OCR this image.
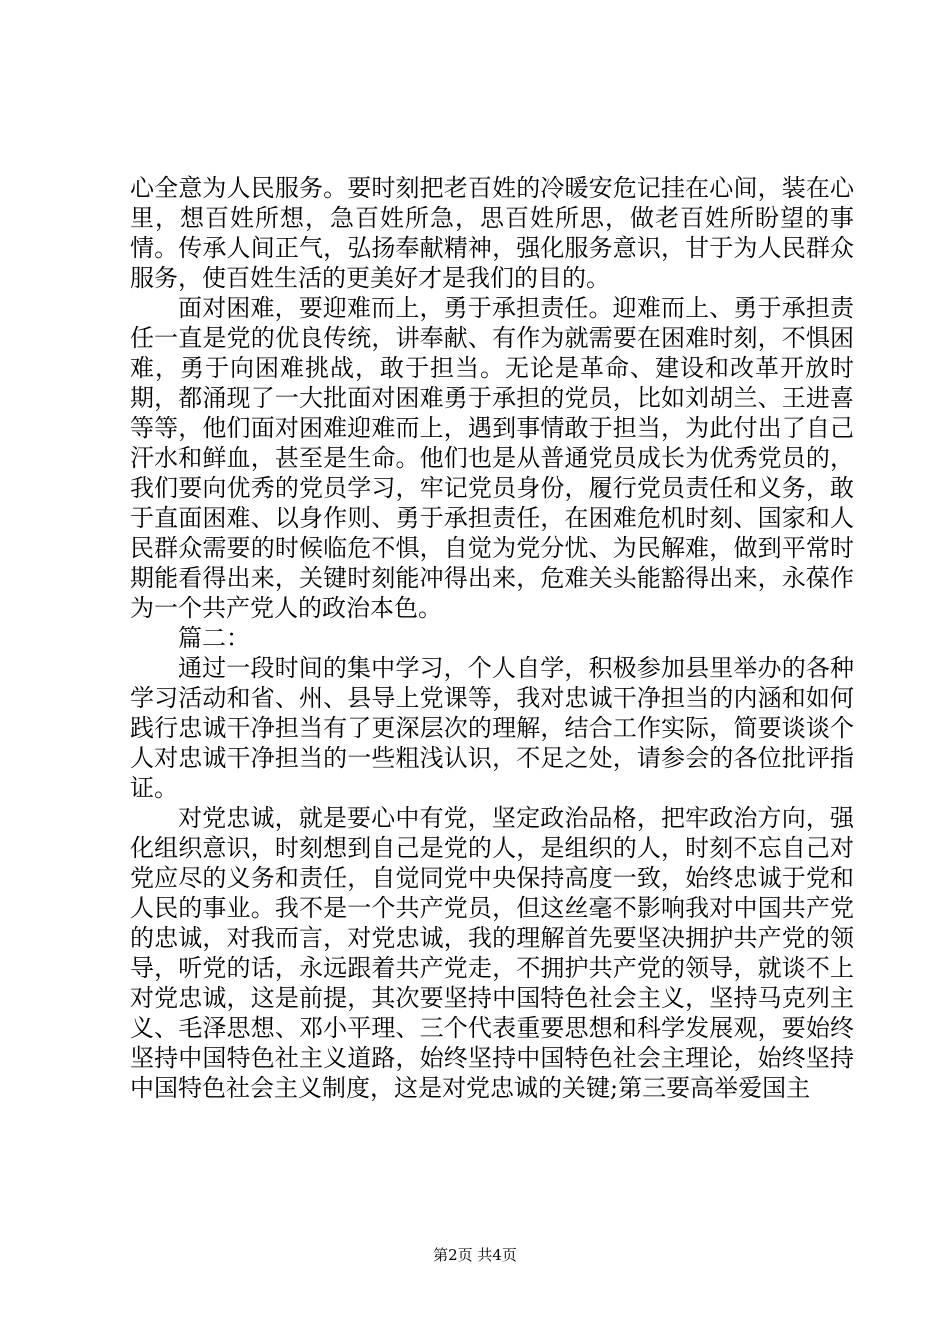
心全意为人民服务。要时刻把老百姓的冷暖安危记挂在心间，装在心里，想百姓所想，急百姓所急，思百姓所思，做老百姓所盼望的事情。传承人间正气，弘扬奉献精神，强化服务意识，甘于为人民群众服务，使百姓生活的更美好才是我们的目的。

面对困难，要迎难而上，勇于承担责任。迎难而上、勇于承担责任一直是党的优良传统，讲奉献、有作为就需要在困难时刻，不惧困难，勇于向困难挑战，敢于担当。无论是革命、建设和改革开放时期，都涌现了一大批面对困难勇于承担的党员，比如刘胡兰、王进喜等等，他们面对困难迎难而上，遇到事情敢于担当，为此付出了自己汗水和鲜血，甚至是生命。他们也是从普通党员成长为优秀党员的，我们要向优秀的党员学习，牢记党员身份，履行党员责任和义务，敢于直面困难、以身作则、勇于承担责任，在困难危机时刻、国家和人民群众需要的时候临危不惧，自觉为党分忧、为民解难，做到平常时期能看得出来，关键时刻能冲得出来，危难关头能豁得出来，永葆作为一个共产党人的政治本色。

篇二：

通过一段时间的集中学习，个人自学，积极参加县里举办的各种学习活动和省、州、县导上党课等，我对忠诚干净担当的内涵和如何践行忠诚干净担当有了更深层次的理解，结合工作实际，简要谈谈个人对忠诚干净担当的一些粗浅认识，不足之处，请参会的各位批评指证。

对党忠诚，就是要心中有党，坚定政治品格，把牢政治方向，强化组织意识，时刻想到自己是党的人，是组织的人，时刻不忘自己对党应尽的义务和责任，自觉同党中央保持高度一致，始终忠诚于党和人民的事业。我不是一个共产党员，但这丝毫不影响我对中国共产党的忠诚，对我而言，对党忠诚，我的理解首先要坚决拥护共产党的领导，听党的话，永远跟着共产党走，不拥护共产党的领导，就谈不上对党忠诚，这是前提，其次要坚持中国特色社会主义，坚持马克列主义、毛泽思想、邓小平理、三个代表重要思想和科学发展观，要始终坚持中国特色社主义道路，始终坚持中国特色社会主理论，始终坚持中国特色社会主义制度，这是对党忠诚的关键;第三要高举爱国主

第2页 共4页
